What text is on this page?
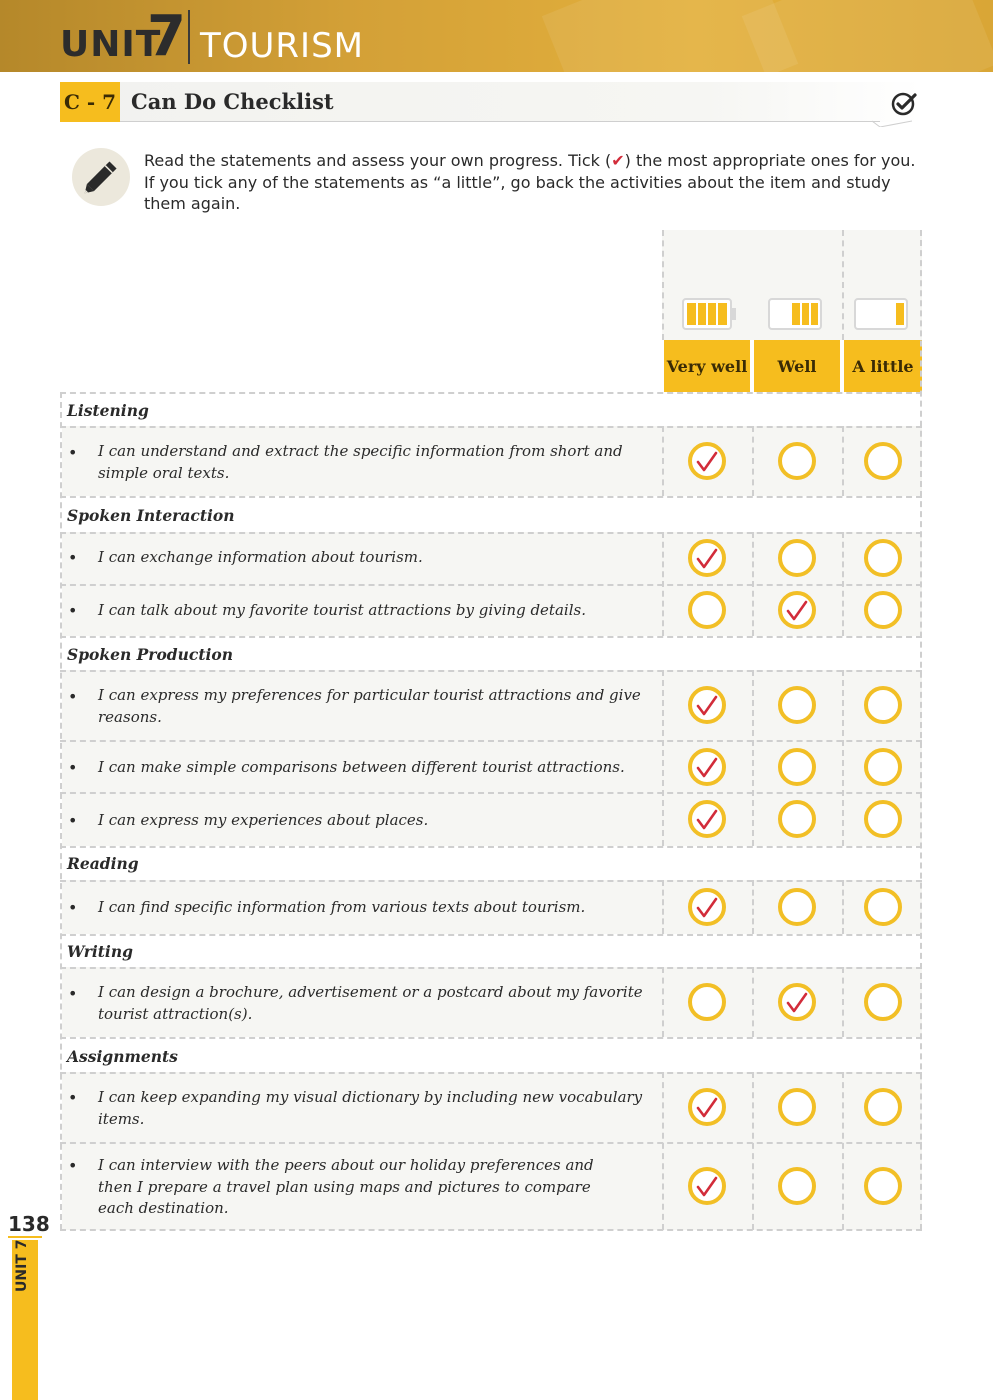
UNIT
7 TOURISM
C - 7 Can Do Checklist
Read the statements and assess your own progress. Tick (✔) the most appropriate ones for you.
If you tick any of the statements as “a little”, go back the activities about the item and study them again.
Very well	Well	A little
Listening
Spoken Interaction
Spoken Production
Reading
Writing
Assignments
• I can understand and extract the specific information from short and simple oral texts.
• I can exchange information about tourism.
• I can talk about my favorite tourist attractions by giving details.
• I can express my preferences for particular tourist attractions and give reasons.
• I can make simple comparisons between different tourist attractions.
• I can express my experiences about places.
• I can find specific information from various texts about tourism.
• I can design a brochure, advertisement or a postcard about my favorite tourist attraction(s).
• I can keep expanding my visual dictionary by including new vocabulary items.
• I can interview with the peers about our holiday preferences and then I prepare a travel plan using maps and pictures to compare each destination.
138
UNIT 7
